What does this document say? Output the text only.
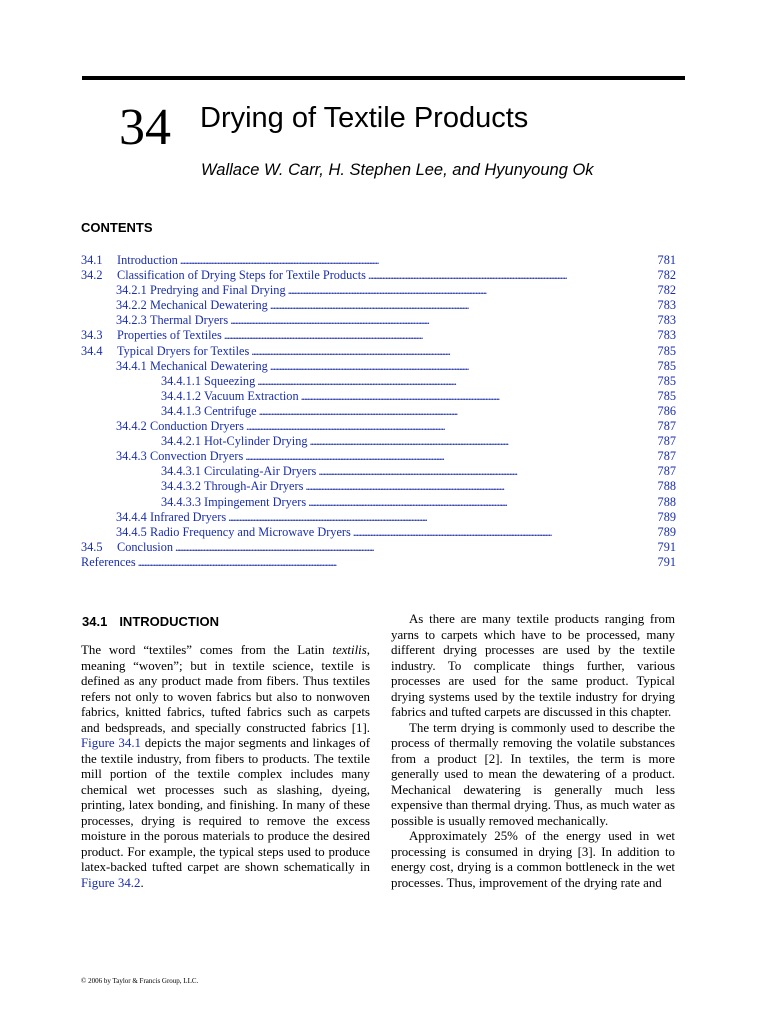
34 Drying of Textile Products
Wallace W. Carr, H. Stephen Lee, and Hyunyoung Ok
CONTENTS
34.1	Introduction . . .	781
34.2	Classification of Drying Steps for Textile Products . . .	782
34.2.1 Predrying and Final Drying . . .	782
34.2.2 Mechanical Dewatering . . .	783
34.2.3 Thermal Dryers . . .	783
34.3	Properties of Textiles . . .	783
34.4	Typical Dryers for Textiles . . .	785
34.4.1 Mechanical Dewatering . . .	785
34.4.1.1 Squeezing . . .	785
34.4.1.2 Vacuum Extraction . . .	785
34.4.1.3 Centrifuge . . .	786
34.4.2 Conduction Dryers . . .	787
34.4.2.1 Hot-Cylinder Drying . . .	787
34.4.3 Convection Dryers . . .	787
34.4.3.1 Circulating-Air Dryers . . .	787
34.4.3.2 Through-Air Dryers . . .	788
34.4.3.3 Impingement Dryers . . .	788
34.4.4 Infrared Dryers . . .	789
34.4.5 Radio Frequency and Microwave Dryers . . .	789
34.5	Conclusion . . .	791
References . . .	791
34.1 INTRODUCTION

The word “textiles” comes from the Latin textilis, meaning “woven”; but in textile science, textile is defined as any product made from fibers. Thus textiles refers not only to woven fabrics but also to nonwoven fabrics, knitted fabrics, tufted fabrics such as carpets and bedspreads, and specially constructed fabrics [1]. Figure 34.1 depicts the major segments and linkages of the textile industry, from fibers to products. The textile mill portion of the textile complex includes many chemical wet processes such as slashing, dyeing, printing, latex bonding, and finishing. In many of these processes, drying is required to remove the excess moisture in the porous materials to produce the desired product. For example, the typical steps used to produce latex-backed tufted carpet are shown schematically in Figure 34.2.

As there are many textile products ranging from yarns to carpets which have to be processed, many different drying processes are used by the textile industry. To complicate things further, various processes are used for the same product. Typical drying systems used by the textile industry for drying fabrics and tufted carpets are discussed in this chapter.

The term drying is commonly used to describe the process of thermally removing the volatile substances from a product [2]. In textiles, the term is more generally used to mean the dewatering of a product. Mechanical dewatering is generally much less expensive than thermal drying. Thus, as much water as possible is usually removed mechanically.

Approximately 25% of the energy used in wet processing is consumed in drying [3]. In addition to energy cost, drying is a common bottleneck in the wet processes. Thus, improvement of the drying rate and

© 2006 by Taylor & Francis Group, LLC.
